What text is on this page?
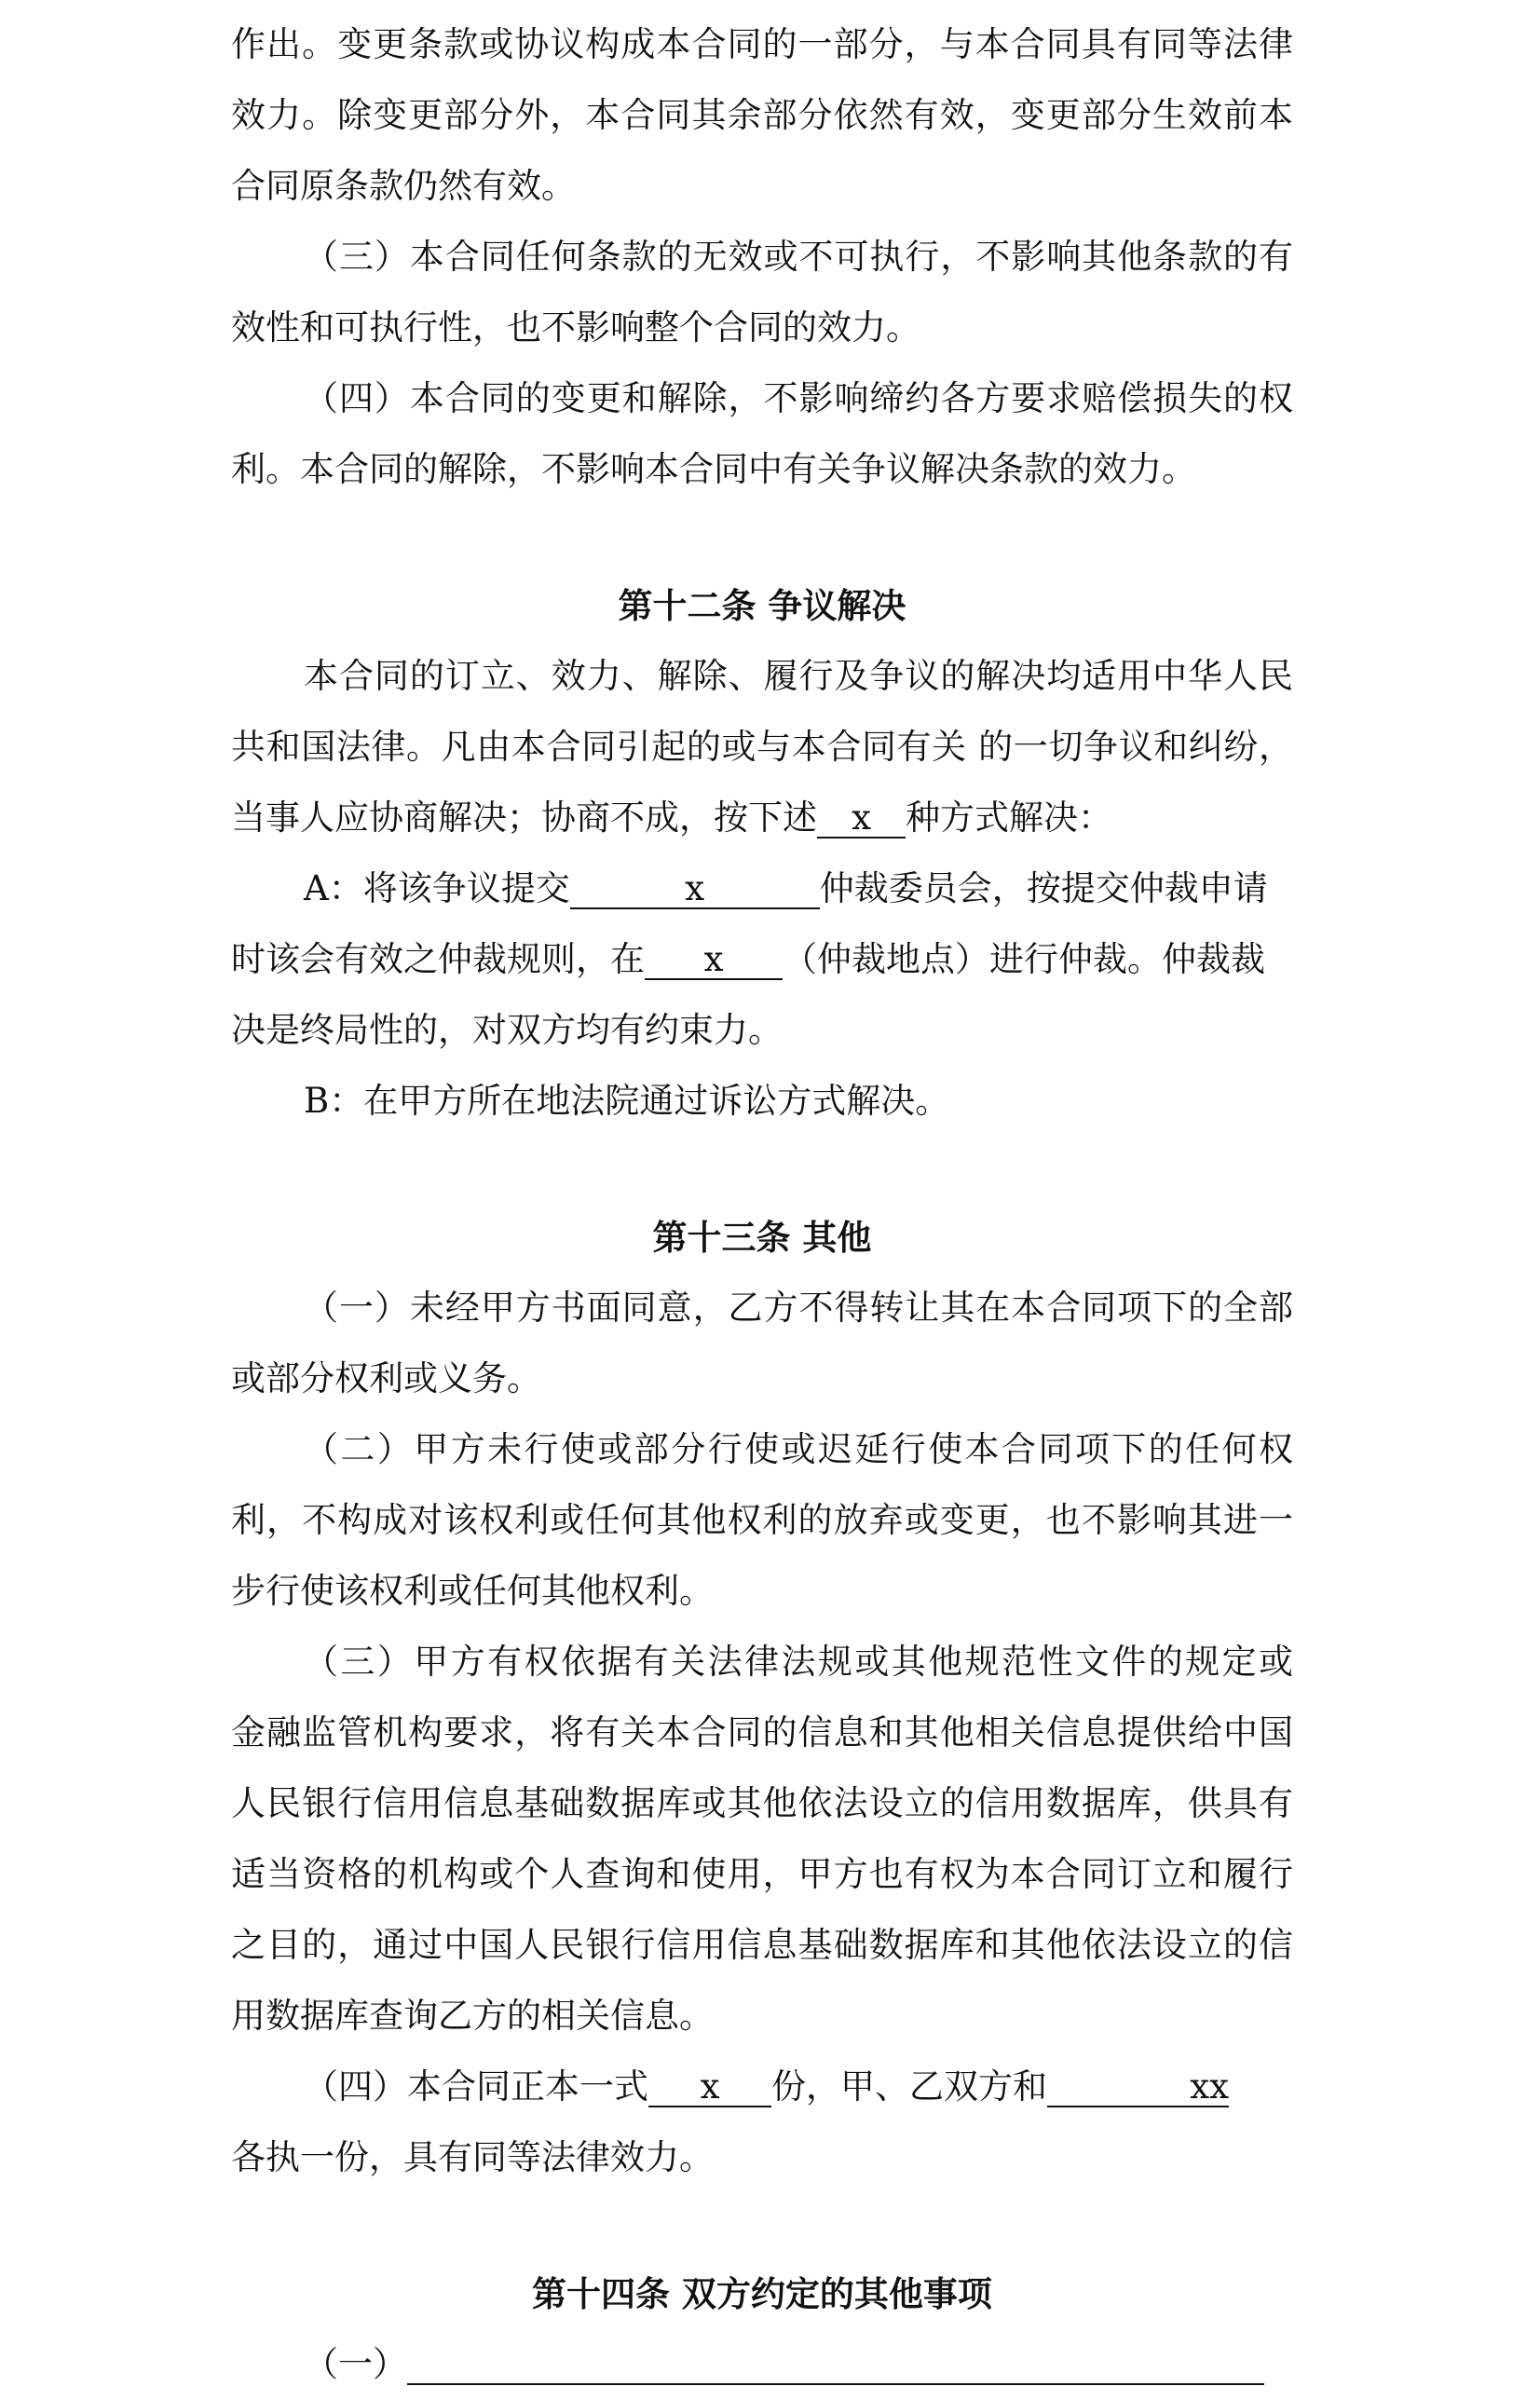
作出。变更条款或协议构成本合同的一部分，与本合同具有同等法律
效力。除变更部分外，本合同其余部分依然有效，变更部分生效前本
合同原条款仍然有效。
（三）本合同任何条款的无效或不可执行，不影响其他条款的有
效性和可执行性，也不影响整个合同的效力。
（四）本合同的变更和解除，不影响缔约各方要求赔偿损失的权
利。本合同的解除，不影响本合同中有关争议解决条款的效力。
第十二条 争议解决
本合同的订立、效力、解除、履行及争议的解决均适用中华人民
共和国法律。凡由本合同引起的或与本合同有关 的一切争议和纠纷，
当事人应协商解决；协商不成，按下述 x 种方式解决：
A：将该争议提交	x	仲裁委员会，按提交仲裁申请
时该会有效之仲裁规则，在 x （仲裁地点）进行仲裁。仲裁裁
决是终局性的，对双方均有约束力。
B：在甲方所在地法院通过诉讼方式解决。
第十三条 其他
（一）未经甲方书面同意，乙方不得转让其在本合同项下的全部
或部分权利或义务。
（二）甲方未行使或部分行使或迟延行使本合同项下的任何权
利，不构成对该权利或任何其他权利的放弃或变更，也不影响其进一
步行使该权利或任何其他权利。
（三）甲方有权依据有关法律法规或其他规范性文件的规定或
金融监管机构要求，将有关本合同的信息和其他相关信息提供给中国
人民银行信用信息基础数据库或其他依法设立的信用数据库，供具有
适当资格的机构或个人查询和使用，甲方也有权为本合同订立和履行
之目的，通过中国人民银行信用信息基础数据库和其他依法设立的信
用数据库查询乙方的相关信息。
（四）本合同正本一式 x 份，甲、乙双方和	xx
各执一份，具有同等法律效力。
第十四条 双方约定的其他事项
（一）
